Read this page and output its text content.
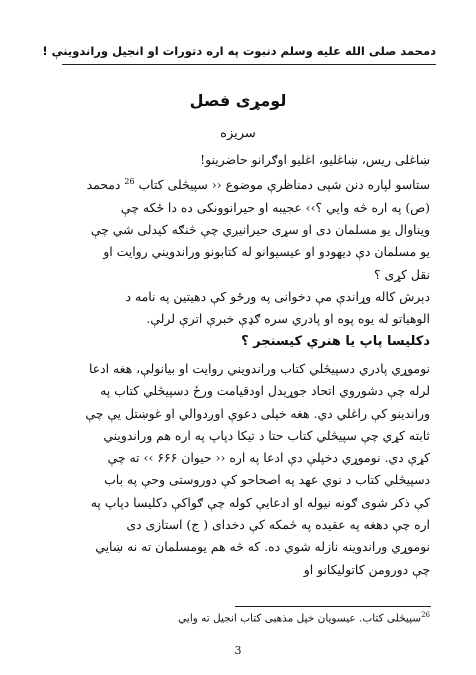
دمحمد صلی الله علیه وسلم دنبوت په اره دتورات او انجیل وراندوینې !
لومړی فصل
سریزه

ښاغلی ریس، ښاغلیو، اغلیو اوګرانو حاضرینو!

ستاسو لپاره دنن شپی دمناظرې موضوع ‹‹ سپیڅلی کتاب $^{26}$ دمحمد (ص) په اره څه وایي ؟›› عجیبه او حیرانوونکی ده دا ځکه چې ویناوال یو مسلمان دی او سړی حیرانیږي چې څنګه کیدلی شي چې یو مسلمان دې دیهودو او عیسیوانو له کتابونو وراندویني روایت او نقل کړی ؟

دېرش کاله وړاندې مې دخوانی په ورځو کې دهیتین په نامه د الوهیاتو له یوه پوه او پادري سره ګډې خبرې اترې لرلې.

دکلیسا پاپ یا هنري کیسنجر ؟

نوموړي پادري دسپیڅلي کتاب وراندویني روایت او بیانولې، هغه ادعا لرله چې دشوروي اتحاد جوړیدل اودقیامت ورځ دسپیڅلي کتاب په وراندینو کې راغلي دي. هغه خپلی دعوې اوږدوالي او غوښتل یې چې ثابته کړي چې سپیڅلي کتاب حتا د تیکا دپاپ په اره هم وراندویني کړې دي. نوموړي دخپلې دې ادعا په اره ‹‹ حیوان ۶۶۶ ›› ته چې دسپیڅلي کتاب د نوي عهد په اصحاحو کې دوروستی وحې په باب کې ذکر شوی ګونه نیوله او ادعایې کوله چې ګواکې دکلیسا دپاپ په اره چې دهغه په عقیده په څمکه کې دخدای ( ج) استازی دی نوموړي وراندوینه نازله شوي ده. که څه هم یومسلمان ته نه ښایي چې دورومن کاتولیکانو او

$^{26}$سپیڅلی کتاب. عیسویان خپل مذهبی کتاب انجیل ته وایي
3
